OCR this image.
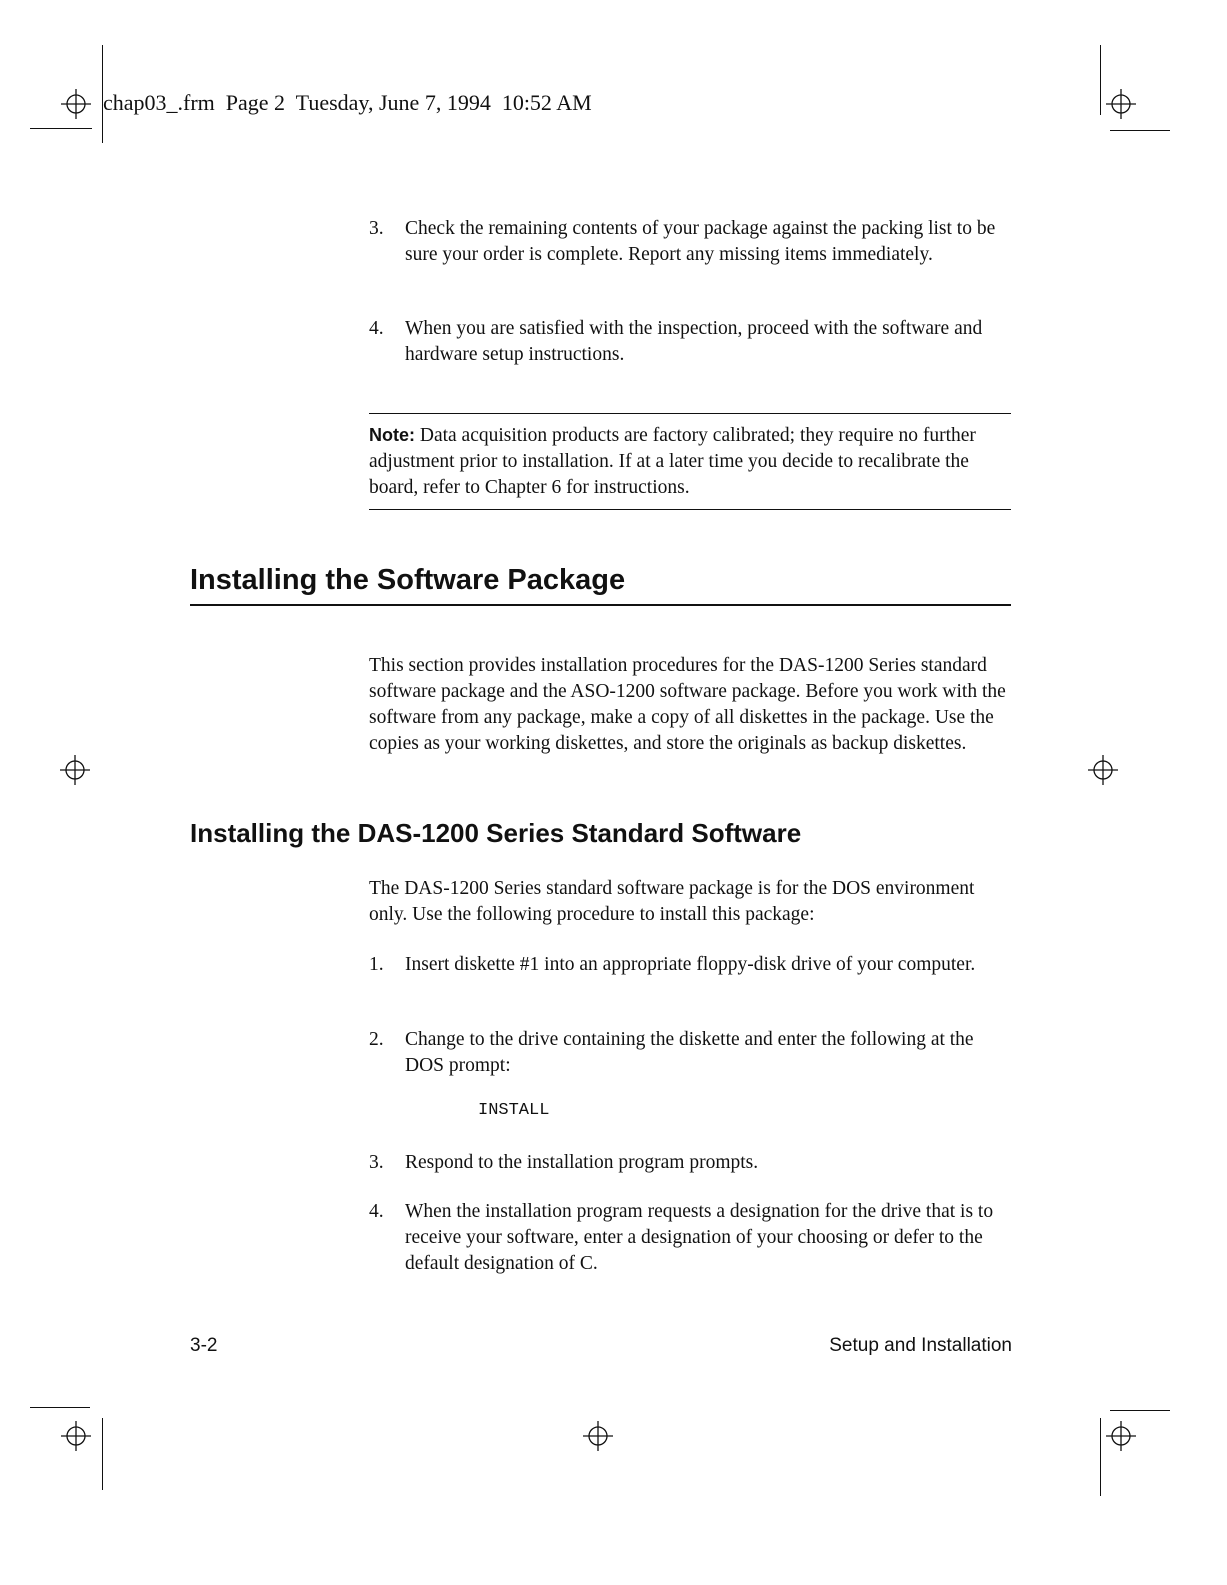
chap03_.frm  Page 2  Tuesday, June 7, 1994  10:52 AM
3. Check the remaining contents of your package against the packing list to be sure your order is complete. Report any missing items immediately.
4. When you are satisfied with the inspection, proceed with the software and hardware setup instructions.
Note: Data acquisition products are factory calibrated; they require no further adjustment prior to installation. If at a later time you decide to recalibrate the board, refer to Chapter 6 for instructions.
Installing the Software Package
This section provides installation procedures for the DAS-1200 Series standard software package and the ASO-1200 software package. Before you work with the software from any package, make a copy of all diskettes in the package. Use the copies as your working diskettes, and store the originals as backup diskettes.
Installing the DAS-1200 Series Standard Software
The DAS-1200 Series standard software package is for the DOS environment only. Use the following procedure to install this package:
1. Insert diskette #1 into an appropriate floppy-disk drive of your computer.
2. Change to the drive containing the diskette and enter the following at the DOS prompt:
INSTALL
3. Respond to the installation program prompts.
4. When the installation program requests a designation for the drive that is to receive your software, enter a designation of your choosing or defer to the default designation of C.
3-2	Setup and Installation
